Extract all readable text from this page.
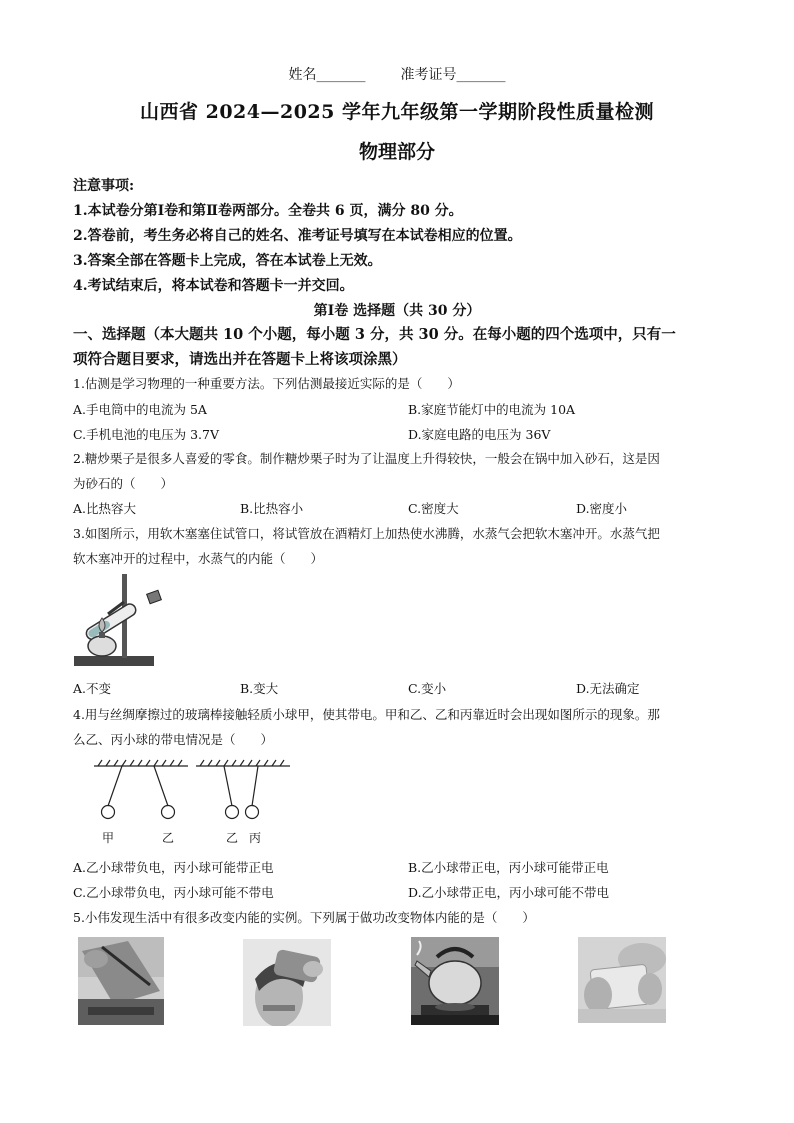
姓名_______ 准考证号_______
山西省 2024—2025 学年九年级第一学期阶段性质量检测
物理部分
注意事项:
1.本试卷分第Ⅰ卷和第Ⅱ卷两部分。全卷共 6 页，满分 80 分。
2.答卷前，考生务必将自己的姓名、准考证号填写在本试卷相应的位置。
3.答案全部在答题卡上完成，答在本试卷上无效。
4.考试结束后，将本试卷和答题卡一并交回。
第Ⅰ卷 选择题（共 30 分）
一、选择题（本大题共 10 个小题，每小题 3 分，共 30 分。在每小题的四个选项中，只有一
项符合题目要求，请选出并在答题卡上将该项涂黑）
1.估测是学习物理的一种重要方法。下列估测最接近实际的是（　　）
A.手电筒中的电流为 5A	B.家庭节能灯中的电流为 10A
C.手机电池的电压为 3.7V	D.家庭电路的电压为 36V
2.糖炒栗子是很多人喜爱的零食。制作糖炒栗子时为了让温度上升得较快，一般会在锅中加入砂石，这是因
为砂石的（　　）
A.比热容大	B.比热容小	C.密度大	D.密度小
3.如图所示，用软木塞塞住试管口，将试管放在酒精灯上加热使水沸腾，水蒸气会把软木塞冲开。水蒸气把
软木塞冲开的过程中，水蒸气的内能（　　）
A.不变	B.变大	C.变小	D.无法确定
4.用与丝绸摩擦过的玻璃棒接触轻质小球甲，使其带电。甲和乙、乙和丙靠近时会出现如图所示的现象。那
么乙、丙小球的带电情况是（　　）
甲	乙	乙 丙
A.乙小球带负电，丙小球可能带正电	B.乙小球带正电，丙小球可能带正电
C.乙小球带负电，丙小球可能不带电	D.乙小球带正电，丙小球可能不带电
5.小伟发现生活中有很多改变内能的实例。下列属于做功改变物体内能的是（　　）
